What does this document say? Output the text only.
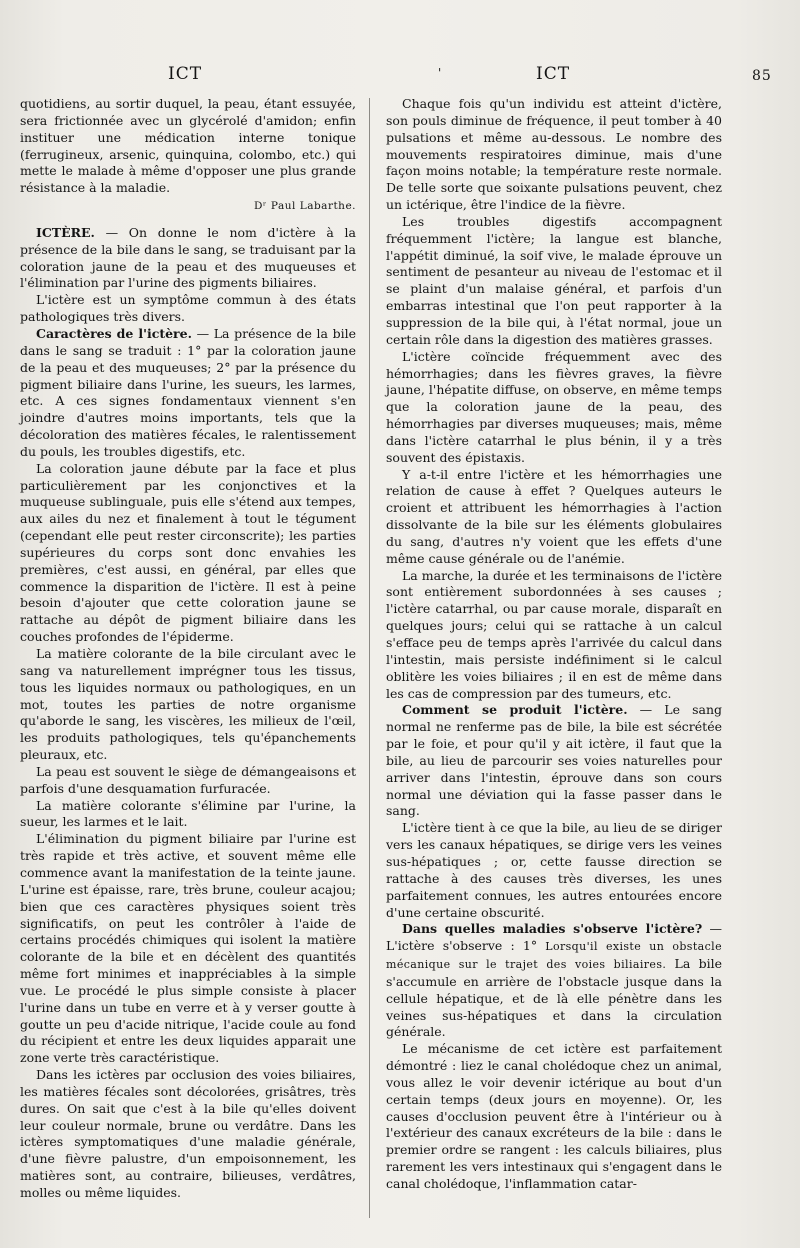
ICT	'	ICT	85

quotidiens, au sortir duquel, la peau, étant essuyée, sera frictionnée avec un glycérolé d'amidon; enfin instituer une médication interne tonique (ferrugineux, arsenic, quinquina, colombo, etc.) qui mette le malade à même d'opposer une plus grande résistance à la maladie.

Dʳ Paul Labarthe.

ICTÈRE. — On donne le nom d'ictère à la présence de la bile dans le sang, se traduisant par la coloration jaune de la peau et des muqueuses et l'élimination par l'urine des pigments biliaires.

L'ictère est un symptôme commun à des états pathologiques très divers.

Caractères de l'ictère. — La présence de la bile dans le sang se traduit : 1° par la coloration jaune de la peau et des muqueuses; 2° par la présence du pigment biliaire dans l'urine, les sueurs, les larmes, etc. A ces signes fondamentaux viennent s'en joindre d'autres moins importants, tels que la décoloration des matières fécales, le ralentissement du pouls, les troubles digestifs, etc.

La coloration jaune débute par la face et plus particulièrement par les conjonctives et la muqueuse sublinguale, puis elle s'étend aux tempes, aux ailes du nez et finalement à tout le tégument (cependant elle peut rester circonscrite); les parties supérieures du corps sont donc envahies les premières, c'est aussi, en général, par elles que commence la disparition de l'ictère. Il est à peine besoin d'ajouter que cette coloration jaune se rattache au dépôt de pigment biliaire dans les couches profondes de l'épiderme.

La matière colorante de la bile circulant avec le sang va naturellement imprégner tous les tissus, tous les liquides normaux ou pathologiques, en un mot, toutes les parties de notre organisme qu'aborde le sang, les viscères, les milieux de l'œil, les produits pathologiques, tels qu'épanchements pleuraux, etc.

La peau est souvent le siège de démangeaisons et parfois d'une desquamation furfuracée.

La matière colorante s'élimine par l'urine, la sueur, les larmes et le lait.

L'élimination du pigment biliaire par l'urine est très rapide et très active, et souvent même elle commence avant la manifestation de la teinte jaune. L'urine est épaisse, rare, très brune, couleur acajou; bien que ces caractères physiques soient très significatifs, on peut les contrôler à l'aide de certains procédés chimiques qui isolent la matière colorante de la bile et en décèlent des quantités même fort minimes et inappréciables à la simple vue. Le procédé le plus simple consiste à placer l'urine dans un tube en verre et à y verser goutte à goutte un peu d'acide nitrique, l'acide coule au fond du récipient et entre les deux liquides apparait une zone verte très caractéristique.

Dans les ictères par occlusion des voies biliaires, les matières fécales sont décolorées, grisâtres, très dures. On sait que c'est à la bile qu'elles doivent leur couleur normale, brune ou verdâtre. Dans les ictères symptomatiques d'une maladie générale, d'une fièvre palustre, d'un empoisonnement, les matières sont, au contraire, bilieuses, verdâtres, molles ou même liquides.

Chaque fois qu'un individu est atteint d'ictère, son pouls diminue de fréquence, il peut tomber à 40 pulsations et même au-dessous. Le nombre des mouvements respiratoires diminue, mais d'une façon moins notable; la température reste normale. De telle sorte que soixante pulsations peuvent, chez un ictérique, être l'indice de la fièvre.

Les troubles digestifs accompagnent fréquemment l'ictère; la langue est blanche, l'appétit diminué, la soif vive, le malade éprouve un sentiment de pesanteur au niveau de l'estomac et il se plaint d'un malaise général, et parfois d'un embarras intestinal que l'on peut rapporter à la suppression de la bile qui, à l'état normal, joue un certain rôle dans la digestion des matières grasses.

L'ictère coïncide fréquemment avec des hémorrhagies; dans les fièvres graves, la fièvre jaune, l'hépatite diffuse, on observe, en même temps que la coloration jaune de la peau, des hémorrhagies par diverses muqueuses; mais, même dans l'ictère catarrhal le plus bénin, il y a très souvent des épistaxis.

Y a-t-il entre l'ictère et les hémorrhagies une relation de cause à effet ? Quelques auteurs le croient et attribuent les hémorrhagies à l'action dissolvante de la bile sur les éléments globulaires du sang, d'autres n'y voient que les effets d'une même cause générale ou de l'anémie.

La marche, la durée et les terminaisons de l'ictère sont entièrement subordonnées à ses causes ; l'ictère catarrhal, ou par cause morale, disparaît en quelques jours; celui qui se rattache à un calcul s'efface peu de temps après l'arrivée du calcul dans l'intestin, mais persiste indéfiniment si le calcul oblitère les voies biliaires ; il en est de même dans les cas de compression par des tumeurs, etc.

Comment se produit l'ictère. — Le sang normal ne renferme pas de bile, la bile est sécrétée par le foie, et pour qu'il y ait ictère, il faut que la bile, au lieu de parcourir ses voies naturelles pour arriver dans l'intestin, éprouve dans son cours normal une déviation qui la fasse passer dans le sang.

L'ictère tient à ce que la bile, au lieu de se diriger vers les canaux hépatiques, se dirige vers les veines sus-hépatiques ; or, cette fausse direction se rattache à des causes très diverses, les unes parfaitement connues, les autres entourées encore d'une certaine obscurité.

Dans quelles maladies s'observe l'ictère? — L'ictère s'observe : 1° Lorsqu'il existe un obstacle mécanique sur le trajet des voies biliaires. La bile s'accumule en arrière de l'obstacle jusque dans la cellule hépatique, et de là elle pénètre dans les veines sus-hépatiques et dans la circulation générale.

Le mécanisme de cet ictère est parfaitement démontré : liez le canal cholédoque chez un animal, vous allez le voir devenir ictérique au bout d'un certain temps (deux jours en moyenne). Or, les causes d'occlusion peuvent être à l'intérieur ou à l'extérieur des canaux excréteurs de la bile : dans le premier ordre se rangent : les calculs biliaires, plus rarement les vers intestinaux qui s'engagent dans le canal cholédoque, l'inflammation catar-
